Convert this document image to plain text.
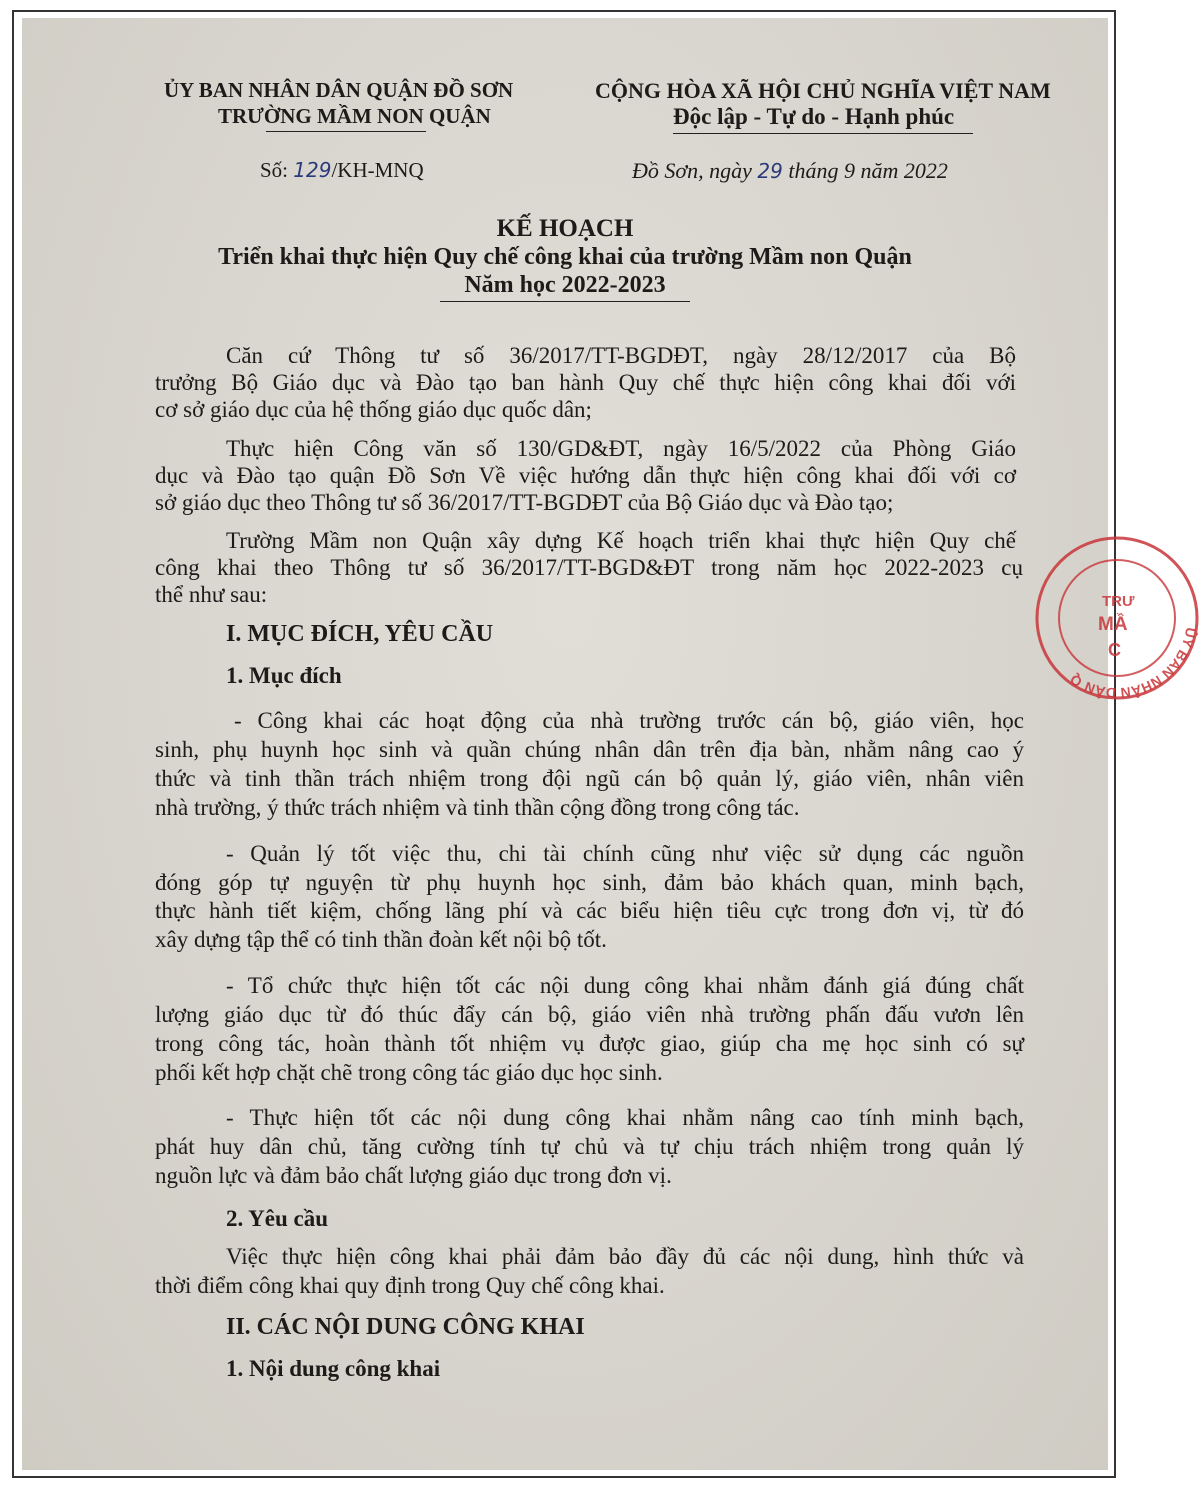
ỦY BAN NHÂN DÂN QUẬN ĐỒ SƠN
TRƯỜNG MẦM NON QUẬN
CỘNG HÒA XÃ HỘI CHỦ NGHĨA VIỆT NAM
Độc lập - Tự do - Hạnh phúc
Số: 129/KH-MNQ	Đồ Sơn, ngày 29 tháng 9 năm 2022
KẾ HOẠCH
Triển khai thực hiện Quy chế công khai của trường Mầm non Quận
Năm học 2022-2023
Căn cứ Thông tư số 36/2017/TT-BGDĐT, ngày 28/12/2017 của Bộ
trưởng Bộ Giáo dục và Đào tạo ban hành Quy chế thực hiện công khai đối với
cơ sở giáo dục của hệ thống giáo dục quốc dân;
Thực hiện Công văn số 130/GD&ĐT, ngày 16/5/2022 của Phòng Giáo
dục và Đào tạo quận Đồ Sơn Về việc hướng dẫn thực hiện công khai đối với cơ
sở giáo dục theo Thông tư số 36/2017/TT-BGDĐT của Bộ Giáo dục và Đào tạo;
Trường Mầm non Quận xây dựng Kế hoạch triển khai thực hiện Quy chế
công khai theo Thông tư số 36/2017/TT-BGD&ĐT trong năm học 2022-2023 cụ
thể như sau:
I. MỤC ĐÍCH, YÊU CẦU
1. Mục đích
- Công khai các hoạt động của nhà trường trước cán bộ, giáo viên, học
sinh, phụ huynh học sinh và quần chúng nhân dân trên địa bàn, nhằm nâng cao ý
thức và tinh thần trách nhiệm trong đội ngũ cán bộ quản lý, giáo viên, nhân viên
nhà trường, ý thức trách nhiệm và tinh thần cộng đồng trong công tác.
- Quản lý tốt việc thu, chi tài chính cũng như việc sử dụng các nguồn
đóng góp tự nguyện từ phụ huynh học sinh, đảm bảo khách quan, minh bạch,
thực hành tiết kiệm, chống lãng phí và các biểu hiện tiêu cực trong đơn vị, từ đó
xây dựng tập thể có tinh thần đoàn kết nội bộ tốt.
- Tổ chức thực hiện tốt các nội dung công khai nhằm đánh giá đúng chất
lượng giáo dục từ đó thúc đẩy cán bộ, giáo viên nhà trường phấn đấu vươn lên
trong công tác, hoàn thành tốt nhiệm vụ được giao, giúp cha mẹ học sinh có sự
phối kết hợp chặt chẽ trong công tác giáo dục học sinh.
- Thực hiện tốt các nội dung công khai nhằm nâng cao tính minh bạch,
phát huy dân chủ, tăng cường tính tự chủ và tự chịu trách nhiệm trong quản lý
nguồn lực và đảm bảo chất lượng giáo dục trong đơn vị.
2. Yêu cầu
Việc thực hiện công khai phải đảm bảo đầy đủ các nội dung, hình thức và
thời điểm công khai quy định trong Quy chế công khai.
II. CÁC NỘI DUNG CÔNG KHAI
1. Nội dung công khai
ỦY BAN NHÂN DÂN Q
TRƯ
MẦ
C
